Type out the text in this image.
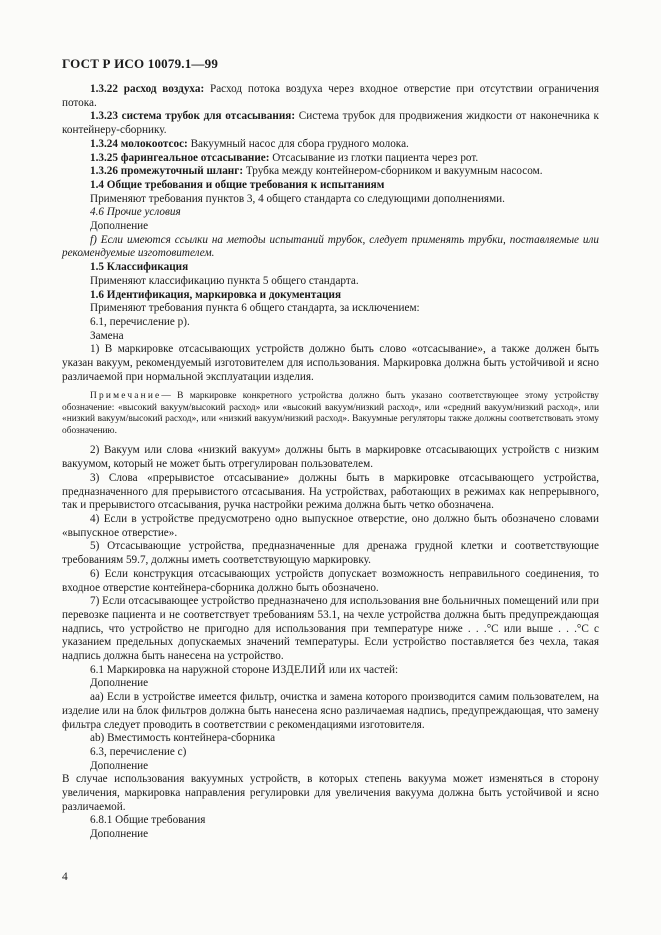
ГОСТ Р ИСО 10079.1—99

1.3.22 расход воздуха: Расход потока воздуха через входное отверстие при отсутствии ограничения потока.

1.3.23 система трубок для отсасывания: Система трубок для продвижения жидкости от наконечника к контейнеру-сборнику.

1.3.24 молокоотсос: Вакуумный насос для сбора грудного молока.

1.3.25 фарингеальное отсасывание: Отсасывание из глотки пациента через рот.

1.3.26 промежуточный шланг: Трубка между контейнером-сборником и вакуумным насосом.

1.4 Общие требования и общие требования к испытаниям

Применяют требования пунктов 3, 4 общего стандарта со следующими дополнениями.

4.6 Прочие условия

Дополнение

f) Если имеются ссылки на методы испытаний трубок, следует применять трубки, поставляемые или рекомендуемые изготовителем.

1.5 Классификация

Применяют классификацию пункта 5 общего стандарта.

1.6 Идентификация, маркировка и документация

Применяют требования пункта 6 общего стандарта, за исключением:

6.1, перечисление p).

Замена

1) В маркировке отсасывающих устройств должно быть слово «отсасывание», а также должен быть указан вакуум, рекомендуемый изготовителем для использования. Маркировка должна быть устойчивой и ясно различаемой при нормальной эксплуатации изделия.

Примечание— В маркировке конкретного устройства должно быть указано соответствующее этому устройству обозначение: «высокий вакуум/высокий расход» или «высокий вакуум/низкий расход», или «средний вакуум/низкий расход», или «низкий вакуум/высокий расход», или «низкий вакуум/низкий расход». Вакуумные регуляторы также должны соответствовать этому обозначению.

2) Вакуум или слова «низкий вакуум» должны быть в маркировке отсасывающих устройств с низким вакуумом, который не может быть отрегулирован пользователем.

3) Слова «прерывистое отсасывание» должны быть в маркировке отсасывающего устройства, предназначенного для прерывистого отсасывания. На устройствах, работающих в режимах как непрерывного, так и прерывистого отсасывания, ручка настройки режима должна быть четко обозначена.

4) Если в устройстве предусмотрено одно выпускное отверстие, оно должно быть обозначено словами «выпускное отверстие».

5) Отсасывающие устройства, предназначенные для дренажа грудной клетки и соответствующие требованиям 59.7, должны иметь соответствующую маркировку.

6) Если конструкция отсасывающих устройств допускает возможность неправильного соединения, то входное отверстие контейнера-сборника должно быть обозначено.

7) Если отсасывающее устройство предназначено для использования вне больничных помещений или при перевозке пациента и не соответствует требованиям 53.1, на чехле устройства должна быть предупреждающая надпись, что устройство не пригодно для использования при температуре ниже . . .°С или выше . . .°С с указанием предельных допускаемых значений температуры. Если устройство поставляется без чехла, такая надпись должна быть нанесена на устройство.

6.1 Маркировка на наружной стороне ИЗДЕЛИЙ или их частей:

Дополнение

аа) Если в устройстве имеется фильтр, очистка и замена которого производится самим пользователем, на изделие или на блок фильтров должна быть нанесена ясно различаемая надпись, предупреждающая, что замену фильтра следует проводить в соответствии с рекомендациями изготовителя.

ab) Вместимость контейнера-сборника

6.3, перечисление c)

Дополнение

В случае использования вакуумных устройств, в которых степень вакуума может изменяться в сторону увеличения, маркировка направления регулировки для увеличения вакуума должна быть устойчивой и ясно различаемой.

6.8.1 Общие требования

Дополнение

4
